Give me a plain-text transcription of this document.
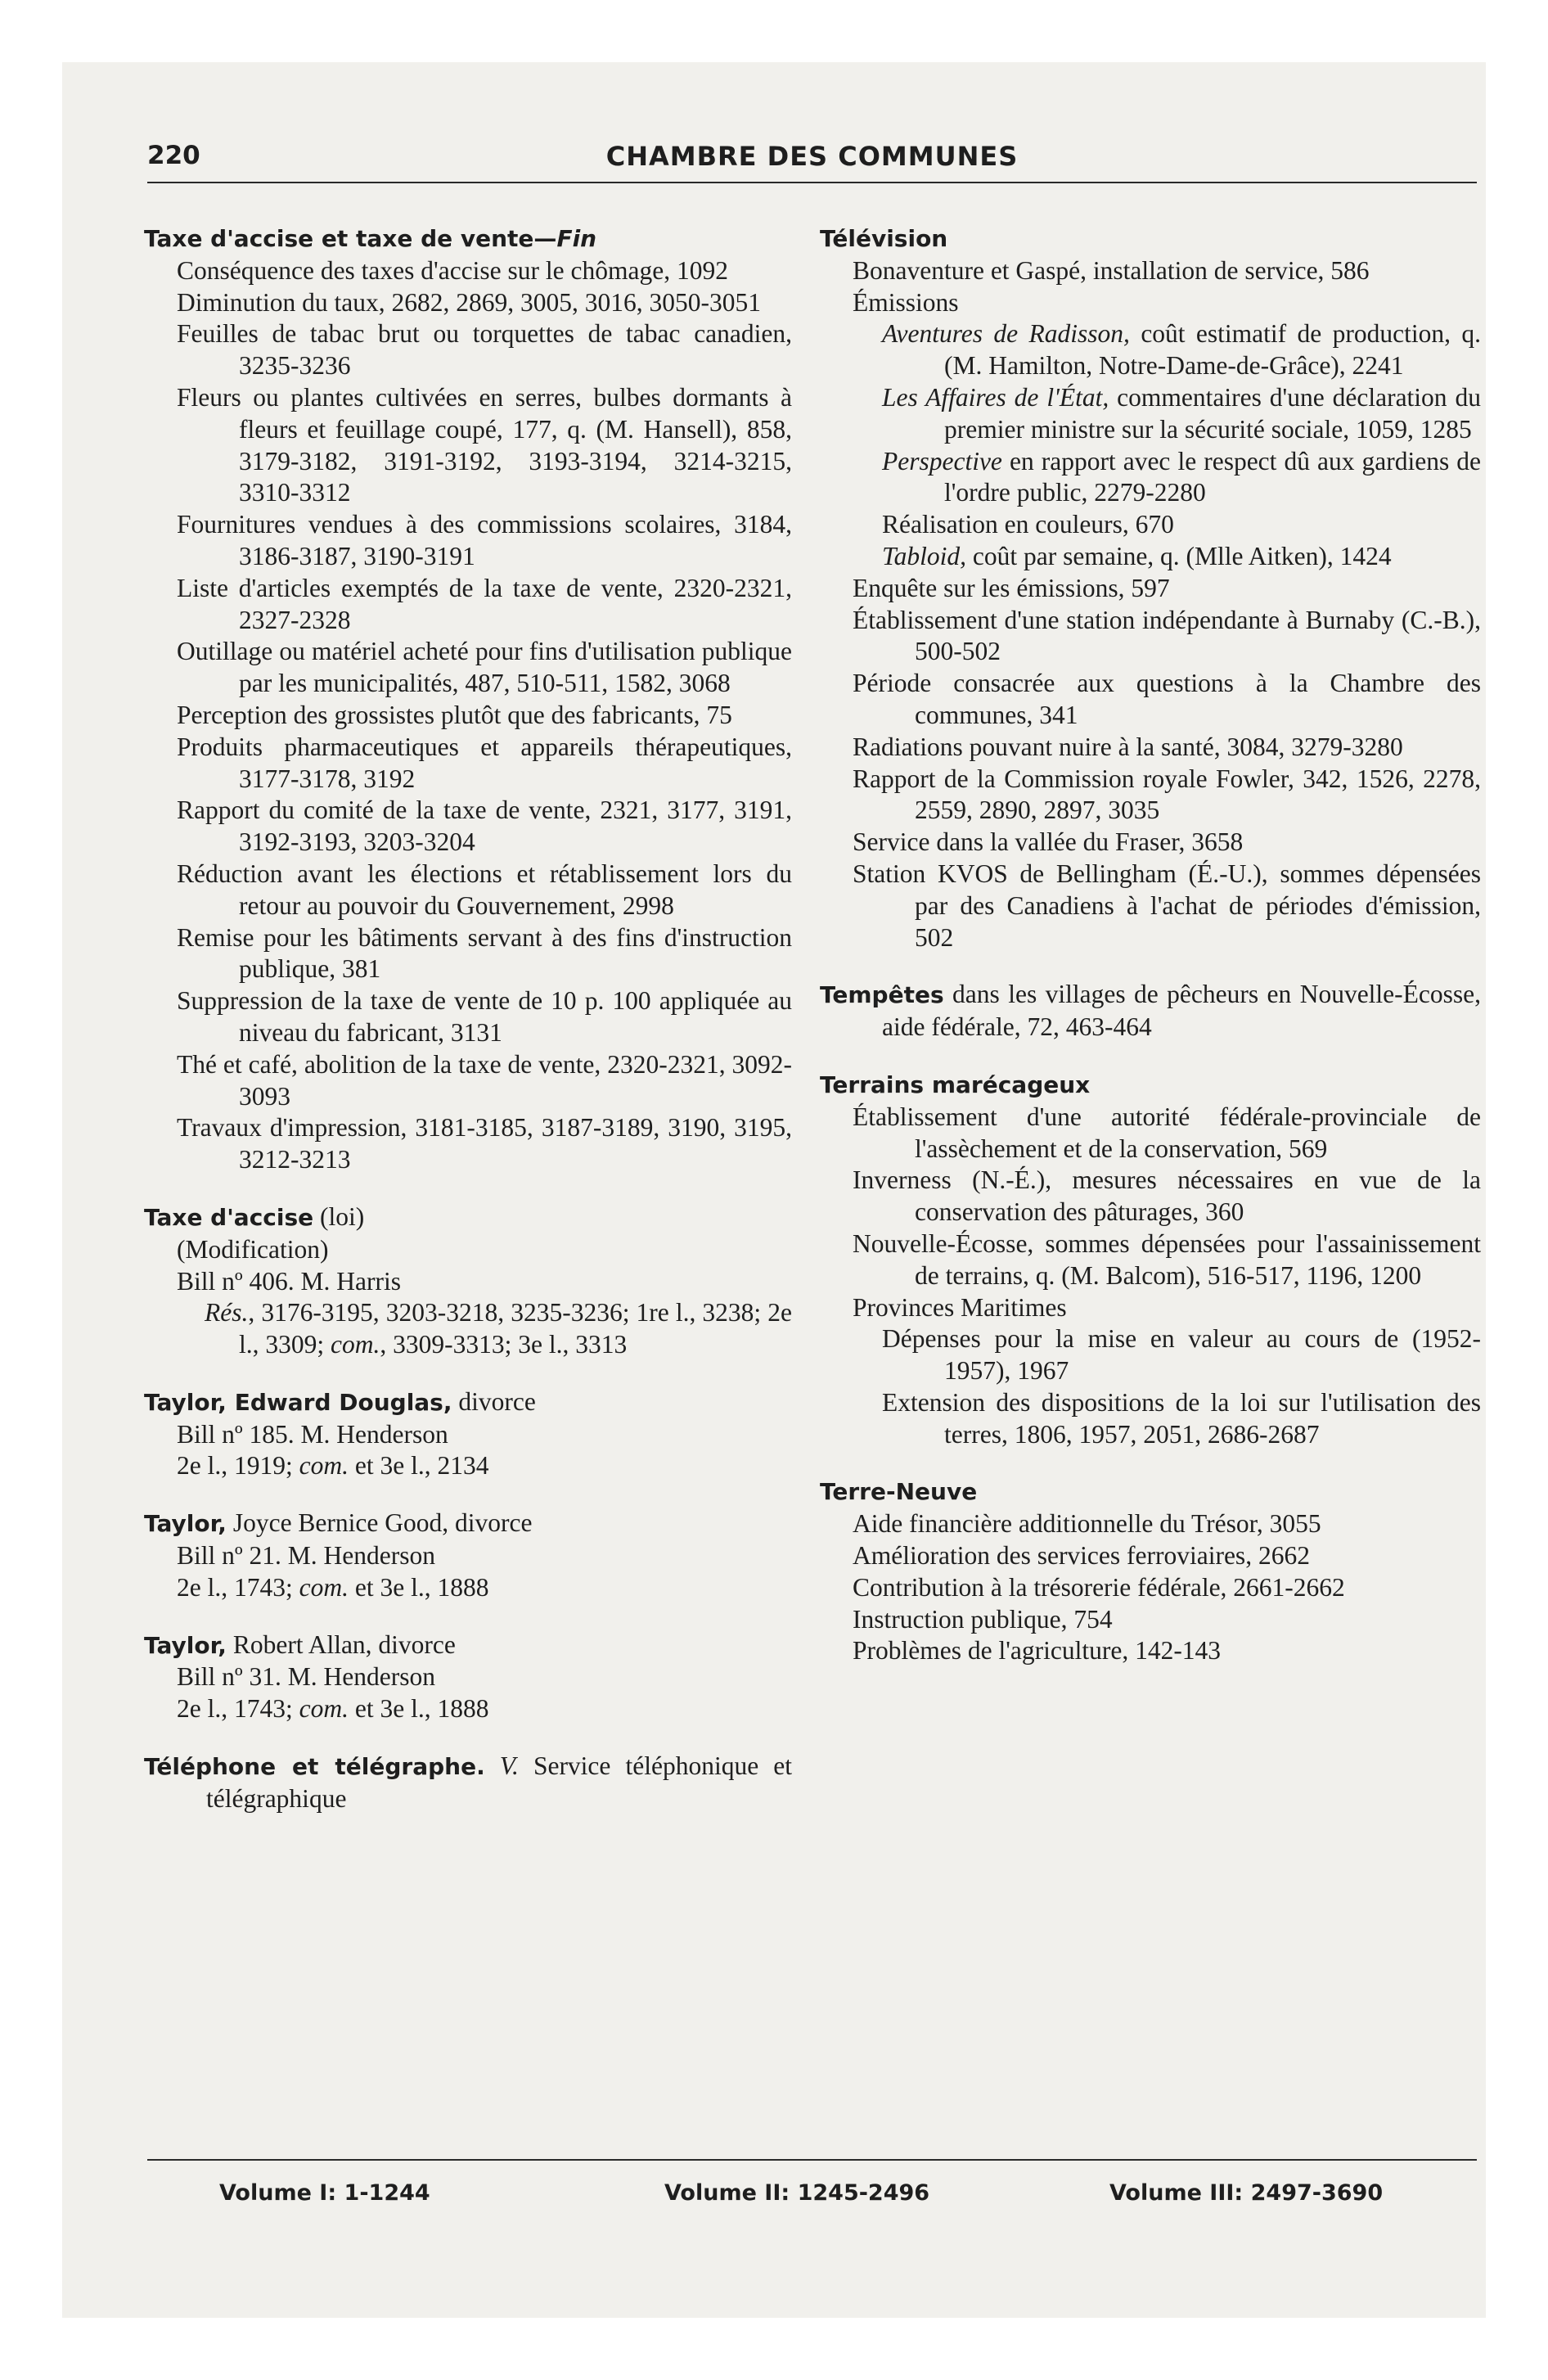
220	CHAMBRE DES COMMUNES

Taxe d'accise et taxe de vente—Fin

Conséquence des taxes d'accise sur le chômage, 1092

Diminution du taux, 2682, 2869, 3005, 3016, 3050-3051

Feuilles de tabac brut ou torquettes de tabac canadien, 3235-3236

Fleurs ou plantes cultivées en serres, bulbes dormants à fleurs et feuillage coupé, 177, q. (M. Hansell), 858, 3179-3182, 3191-3192, 3193-3194, 3214-3215, 3310-3312

Fournitures vendues à des commissions scolaires, 3184, 3186-3187, 3190-3191

Liste d'articles exemptés de la taxe de vente, 2320-2321, 2327-2328

Outillage ou matériel acheté pour fins d'utilisation publique par les municipalités, 487, 510-511, 1582, 3068

Perception des grossistes plutôt que des fabricants, 75

Produits pharmaceutiques et appareils thérapeutiques, 3177-3178, 3192

Rapport du comité de la taxe de vente, 2321, 3177, 3191, 3192-3193, 3203-3204

Réduction avant les élections et rétablissement lors du retour au pouvoir du Gouvernement, 2998

Remise pour les bâtiments servant à des fins d'instruction publique, 381

Suppression de la taxe de vente de 10 p. 100 appliquée au niveau du fabricant, 3131

Thé et café, abolition de la taxe de vente, 2320-2321, 3092-3093

Travaux d'impression, 3181-3185, 3187-3189, 3190, 3195, 3212-3213

Taxe d'accise (loi)

(Modification)

Bill nº 406. M. Harris

Rés., 3176-3195, 3203-3218, 3235-3236; 1re l., 3238; 2e l., 3309; com., 3309-3313; 3e l., 3313

Taylor, Edward Douglas, divorce

Bill nº 185. M. Henderson

2e l., 1919; com. et 3e l., 2134

Taylor, Joyce Bernice Good, divorce

Bill nº 21. M. Henderson

2e l., 1743; com. et 3e l., 1888

Taylor, Robert Allan, divorce

Bill nº 31. M. Henderson

2e l., 1743; com. et 3e l., 1888

Téléphone et télégraphe. V. Service téléphonique et télégraphique

Télévision

Bonaventure et Gaspé, installation de service, 586

Émissions

Aventures de Radisson, coût estimatif de production, q. (M. Hamilton, Notre-Dame-de-Grâce), 2241

Les Affaires de l'État, commentaires d'une déclaration du premier ministre sur la sécurité sociale, 1059, 1285

Perspective en rapport avec le respect dû aux gardiens de l'ordre public, 2279-2280

Réalisation en couleurs, 670

Tabloid, coût par semaine, q. (Mlle Aitken), 1424

Enquête sur les émissions, 597

Établissement d'une station indépendante à Burnaby (C.-B.), 500-502

Période consacrée aux questions à la Chambre des communes, 341

Radiations pouvant nuire à la santé, 3084, 3279-3280

Rapport de la Commission royale Fowler, 342, 1526, 2278, 2559, 2890, 2897, 3035

Service dans la vallée du Fraser, 3658

Station KVOS de Bellingham (É.-U.), sommes dépensées par des Canadiens à l'achat de périodes d'émission, 502

Tempêtes dans les villages de pêcheurs en Nouvelle-Écosse, aide fédérale, 72, 463-464

Terrains marécageux

Établissement d'une autorité fédérale-provinciale de l'assèchement et de la conservation, 569

Inverness (N.-É.), mesures nécessaires en vue de la conservation des pâturages, 360

Nouvelle-Écosse, sommes dépensées pour l'assainissement de terrains, q. (M. Balcom), 516-517, 1196, 1200

Provinces Maritimes

Dépenses pour la mise en valeur au cours de (1952-1957), 1967

Extension des dispositions de la loi sur l'utilisation des terres, 1806, 1957, 2051, 2686-2687

Terre-Neuve

Aide financière additionnelle du Trésor, 3055

Amélioration des services ferroviaires, 2662

Contribution à la trésorerie fédérale, 2661-2662

Instruction publique, 754

Problèmes de l'agriculture, 142-143

Volume I: 1-1244	Volume II: 1245-2496	Volume III: 2497-3690
